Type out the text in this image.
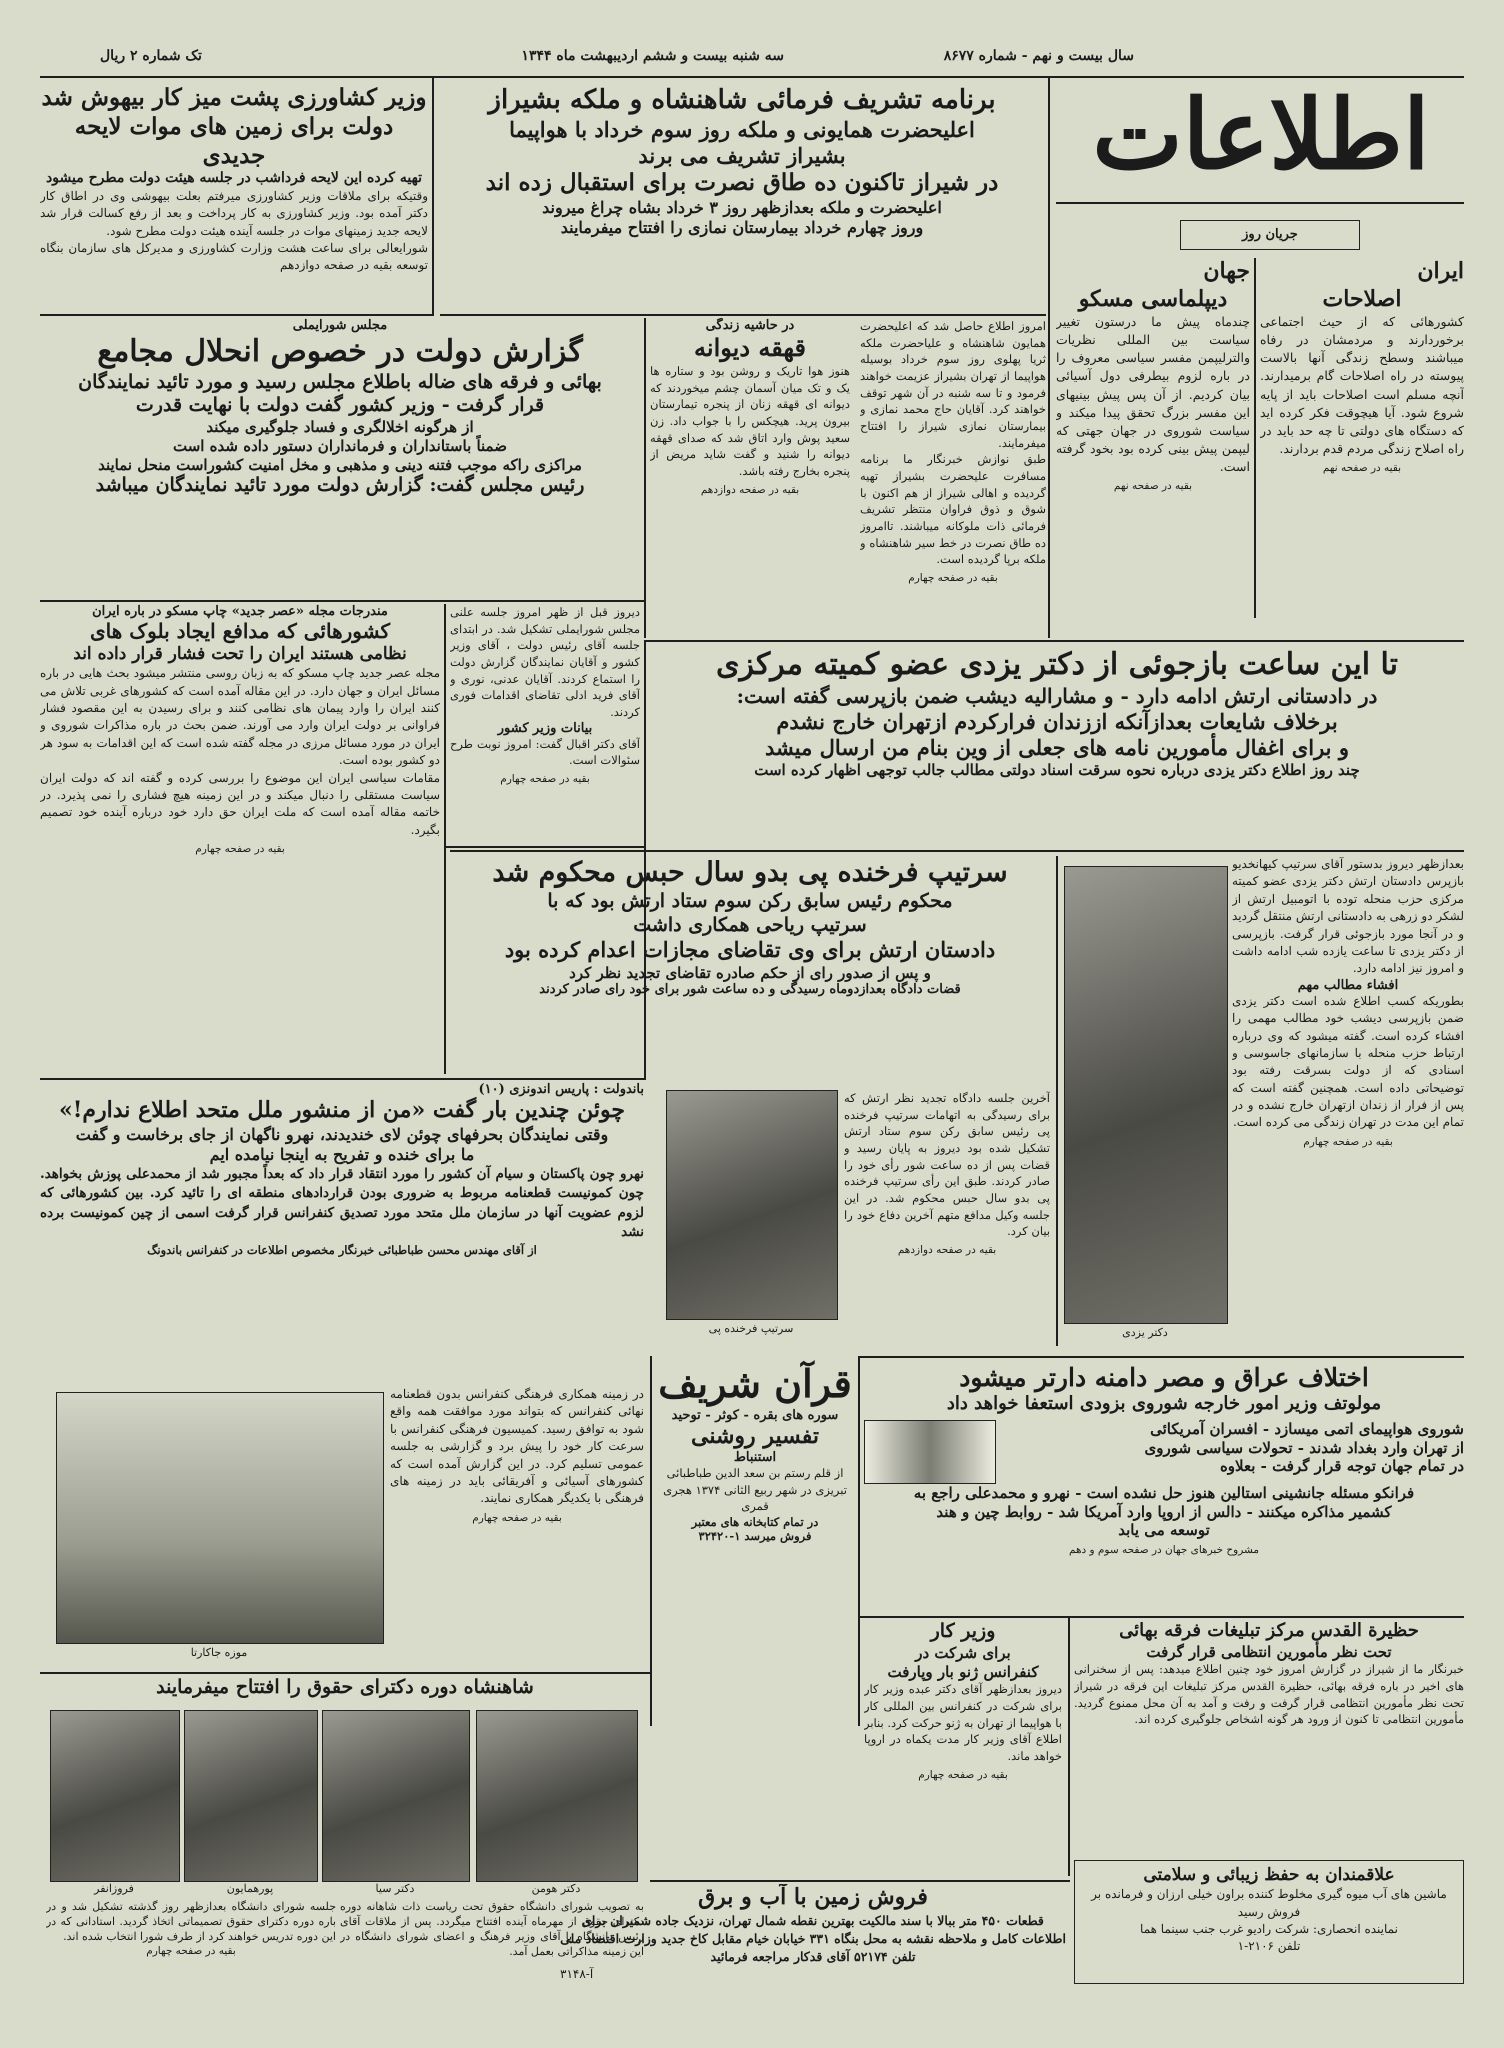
سال بیست و نهم - شماره ۸۶۷۷
سه شنبه بیست و ششم اردیبهشت ماه ۱۳۴۴
تک شماره ۲ ریال
اطلاعات
جریان روز
ایران
اصلاحات
کشورهائی که از حیث اجتماعی برخوردارند و مردمشان در رفاه میباشند وسطح زندگی آنها بالاست پیوسته در راه اصلاحات گام برمیدارند. آنچه مسلم است اصلاحات باید از پایه شروع شود. آیا هیچوقت فکر کرده اید که دستگاه های دولتی تا چه حد باید در راه اصلاح زندگی مردم قدم بردارند.
بقیه در صفحه نهم
جهان
دیپلماسی مسکو
چندماه پیش ما درستون تغییر سیاست بین المللی نظریات والترلیپمن مفسر سیاسی معروف را در باره لزوم بیطرفی دول آسیائی بیان کردیم. از آن پس پیش بینیهای این مفسر بزرگ تحقق پیدا میکند و سیاست شوروی در جهان جهتی که لیپمن پیش بینی کرده بود بخود گرفته است.
بقیه در صفحه نهم
برنامه تشریف فرمائی شاهنشاه و ملکه بشیراز
اعلیحضرت همایونی و ملکه روز سوم خرداد با هواپیما
بشیراز تشریف می برند
در شیراز تاکنون ده طاق نصرت برای استقبال زده اند
اعلیحضرت و ملکه بعدازظهر روز ۳ خرداد بشاه چراغ میروند
وروز چهارم خرداد بیمارستان نمازی را افتتاح میفرمایند
وزیر کشاورزی پشت میز کار بیهوش شد
دولت برای زمین های موات لایحه جدیدی
تهیه کرده این لایحه فرداشب در جلسه هیئت دولت مطرح میشود
وقتیکه برای ملاقات وزیر کشاورزی میرفتم بعلت بیهوشی وی در اطاق کار دکتر آمده بود. وزیر کشاورزی به کار پرداخت و بعد از رفع کسالت قرار شد لایحه جدید زمینهای موات در جلسه آینده هیئت دولت مطرح شود.
شورایعالی برای ساعت هشت وزارت کشاورزی و مدیرکل های سازمان بنگاه توسعه بقیه در صفحه دوازدهم
مجلس شورایملی
گزارش دولت در خصوص انحلال مجامع
بهائی و فرقه های ضاله باطلاع مجلس رسید و مورد تائید نمایندگان
قرار گرفت - وزیر کشور گفت دولت با نهایت قدرت
از هرگونه اخلالگری و فساد جلوگیری میکند
ضمناً باستانداران و فرمانداران دستور داده شده است
مراکزی راکه موجب فتنه دینی و مذهبی و مخل امنیت کشوراست منحل نمایند
رئیس مجلس گفت: گزارش دولت مورد تائید نمایندگان میباشد
امروز اطلاع حاصل شد که اعلیحضرت همایون شاهنشاه و علیاحضرت ملکه ثریا پهلوی روز سوم خرداد بوسیله هواپیما از تهران بشیراز عزیمت خواهند فرمود و تا سه شنبه در آن شهر توقف خواهند کرد. آقایان حاج محمد نمازی و بیمارستان نمازی شیراز را افتتاح میفرمایند.
طبق نوازش خبرنگار ما برنامه مسافرت علیحضرت بشیراز تهیه گردیده و اهالی شیراز از هم اکنون با شوق و ذوق فراوان منتظر تشریف فرمائی ذات ملوکانه میباشند. تاامروز ده طاق نصرت در خط سیر شاهنشاه و ملکه برپا گردیده است.
بقیه در صفحه چهارم
در حاشیه زندگی
قهقه دیوانه
هنوز هوا تاریک و روشن بود و ستاره ها یک و تک میان آسمان چشم میخوردند که دیوانه ای قهقه زنان از پنجره تیمارستان بیرون پرید. هیچکس را با جواب داد. زن سعید پوش وارد اتاق شد که صدای قهقه دیوانه را شنید و گفت شاید مریض از پنجره بخارج رفته باشد.
بقیه در صفحه دوازدهم
مندرجات مجله «عصر جدید» چاپ مسکو در باره ایران
کشورهائی که مدافع ایجاد بلوک های
نظامی هستند ایران را تحت فشار قرار داده اند
مجله عصر جدید چاپ مسکو که به زبان روسی منتشر میشود بحث هایی در باره مسائل ایران و جهان دارد. در این مقاله آمده است که کشورهای غربی تلاش می کنند ایران را وارد پیمان های نظامی کنند و برای رسیدن به این مقصود فشار فراوانی بر دولت ایران وارد می آورند. ضمن بحث در باره مذاکرات شوروی و ایران در مورد مسائل مرزی در مجله گفته شده است که این اقدامات به سود هر دو کشور بوده است.
مقامات سیاسی ایران این موضوع را بررسی کرده و گفته اند که دولت ایران سیاست مستقلی را دنبال میکند و در این زمینه هیچ فشاری را نمی پذیرد. در خاتمه مقاله آمده است که ملت ایران حق دارد خود درباره آینده خود تصمیم بگیرد.
بقیه در صفحه چهارم
دیروز قبل از ظهر امروز جلسه علنی مجلس شورایملی تشکیل شد. در ابتدای جلسه آقای رئیس دولت ، آقای وزیر کشور و آقایان نمایندگان گزارش دولت را استماع کردند. آقایان عدنی، نوری و آقای فرید ادلی تقاضای اقدامات فوری کردند.
بیانات وزیر کشور
آقای دکتر اقبال گفت: امروز نوبت طرح سئوالات است.
بقیه در صفحه چهارم
تا این ساعت بازجوئی از دکتر یزدی عضو کمیته مرکزی
در دادستانی ارتش ادامه دارد - و مشارالیه دیشب ضمن بازپرسی گفته است:
برخلاف شایعات بعدازآنکه اززندان فرارکردم ازتهران خارج نشدم
و برای اغفال مأمورین نامه های جعلی از وین بنام من ارسال میشد
چند روز اطلاع دکتر یزدی درباره نحوه سرقت اسناد دولتی مطالب جالب توجهی اظهار کرده است
بعدازظهر دیروز بدستور آقای سرتیپ کیهانخدیو بازپرس دادستان ارتش دکتر یزدی عضو کمیته مرکزی حزب منحله توده با اتومبیل ارتش از لشکر دو زرهی به دادستانی ارتش منتقل گردید و در آنجا مورد بازجوئی قرار گرفت. بازپرسی از دکتر یزدی تا ساعت یازده شب ادامه داشت و امروز نیز ادامه دارد.
افشاء مطالب مهم
بطوریکه کسب اطلاع شده است دکتر یزدی ضمن بازپرسی دیشب خود مطالب مهمی را افشاء کرده است. گفته میشود که وی درباره ارتباط حزب منحله با سازمانهای جاسوسی و اسنادی که از دولت بسرقت رفته بود توضیحاتی داده است. همچنین گفته است که پس از فرار از زندان ازتهران خارج نشده و در تمام این مدت در تهران زندگی می کرده است.
بقیه در صفحه چهارم
دکتر یزدی
سرتیپ فرخنده پی بدو سال حبس محکوم شد
محکوم رئیس سابق رکن سوم ستاد ارتش بود که با
سرتیپ ریاحی همکاری داشت
دادستان ارتش برای وی تقاضای مجازات اعدام کرده بود
و پس از صدور رای از حکم صادره تقاضای تجدید نظر کرد
قضات دادگاه بعدازدوماه رسیدگی و ده ساعت شور برای خود رای صادر کردند
آخرین جلسه دادگاه تجدید نظر ارتش که برای رسیدگی به اتهامات سرتیپ فرخنده پی رئیس سابق رکن سوم ستاد ارتش تشکیل شده بود دیروز به پایان رسید و قضات پس از ده ساعت شور رأی خود را صادر کردند. طبق این رأی سرتیپ فرخنده پی بدو سال حبس محکوم شد. در این جلسه وکیل مدافع متهم آخرین دفاع خود را بیان کرد.
بقیه در صفحه دوازدهم
سرتیپ فرخنده پی
باندولت : پاریس اندونزی (۱۰)
چوئن چندین بار گفت «من از منشور ملل متحد اطلاع ندارم!»
وقتی نمایندگان بحرفهای چوئن لای خندیدند، نهرو ناگهان از جای برخاست و گفت
ما برای خنده و تفریح به اینجا نیامده ایم
نهرو چون پاکستان و سیام آن کشور را مورد انتقاد قرار داد که بعداً مجبور شد از محمدعلی پوزش بخواهد. چون کمونیست قطعنامه مربوط به ضروری بودن قراردادهای منطقه ای را تائید کرد. بین کشورهائی که لزوم عضویت آنها در سازمان ملل متحد مورد تصدیق کنفرانس قرار گرفت اسمی از چین کمونیست برده نشد
از آقای مهندس محسن طباطبائی خبرنگار مخصوص اطلاعات در کنفرانس باندونگ
در زمینه همکاری فرهنگی کنفرانس بدون قطعنامه نهائی کنفرانس که بتواند مورد موافقت همه واقع شود به توافق رسید. کمیسیون فرهنگی کنفرانس با سرعت کار خود را پیش برد و گزارشی به جلسه عمومی تسلیم کرد. در این گزارش آمده است که کشورهای آسیائی و آفریقائی باید در زمینه های فرهنگی با یکدیگر همکاری نمایند.
بقیه در صفحه چهارم
موزه جاکارتا
قرآن شریف
سوره های بقره - کوثر - توحید
تفسیر روشنی
استنباط
از قلم رستم بن سعد الدین طباطبائی تبریزی در شهر ربیع الثانی ۱۳۷۴ هجری قمری
در تمام کتابخانه های معتبر
فروش میرسد ۱-۳۲۴۲۰
اختلاف عراق و مصر دامنه دارتر میشود
مولوتف وزیر امور خارجه شوروی بزودی استعفا خواهد داد
شوروی هواپیمای اتمی میسازد - افسران آمریکائی
از تهران وارد بغداد شدند - تحولات سیاسی شوروی
در تمام جهان توجه قرار گرفت - بعلاوه
فرانکو مسئله جانشینی استالین هنوز حل نشده است - نهرو و محمدعلی راجع به
کشمیر مذاکره میکنند - دالس از اروپا وارد آمریکا شد - روابط چین و هند
توسعه می یابد
مشروح خبرهای جهان در صفحه سوم و دهم
وزیر کار
برای شرکت در
کنفرانس ژنو بار وپارفت
دیروز بعدازظهر آقای دکتر عبده وزیر کار برای شرکت در کنفرانس بین المللی کار با هواپیما از تهران به ژنو حرکت کرد. بنابر اطلاع آقای وزیر کار مدت یکماه در اروپا خواهد ماند.
بقیه در صفحه چهارم
حظیرة القدس مرکز تبلیغات فرقه بهائی
تحت نظر مأمورین انتظامی قرار گرفت
خبرنگار ما از شیراز در گزارش امروز خود چنین اطلاع میدهد: پس از سخنرانی های اخیر در باره فرقه بهائی، حظیرة القدس مرکز تبلیغات این فرقه در شیراز تحت نظر مأمورین انتظامی قرار گرفت و رفت و آمد به آن محل ممنوع گردید. مأمورین انتظامی تا کنون از ورود هر گونه اشخاص جلوگیری کرده اند.
علاقمندان به حفظ زیبائی و سلامتی
ماشین های آب میوه گیری مخلوط کننده براون خیلی ارزان و فرمانده بر فروش رسید
نماینده انحصاری: شرکت رادیو غرب جنب سینما هما
تلفن ۲۱۰۶-۱
شاهنشاه دوره دکترای حقوق را افتتاح میفرمایند
دکتر هومن
دکتر سیا
پورهمایون
فروزانفر
به تصویب شورای دانشگاه حقوق تحت ریاست ذات شاهانه دوره دکترای حقوق از مهرماه آینده افتتاح میگردد. پس از ملاقات آقای رئیس دانشگاه با آقای وزیر فرهنگ و اعضای شورای دانشگاه در این زمینه مذاکراتی بعمل آمد.
جلسه شورای دانشگاه بعدازظهر روز گذشته تشکیل شد و در باره دوره دکترای حقوق تصمیماتی اتخاذ گردید. استادانی که در این دوره تدریس خواهند کرد از طرف شورا انتخاب شده اند.
بقیه در صفحه چهارم
فروش زمین با آب و برق
قطعات ۴۵۰ متر ببالا با سند مالکیت بهترین نقطه شمال تهران، نزدیک جاده شمیران برای اطلاعات کامل و ملاحظه نقشه به محل بنگاه ۳۳۱ خیابان خیام مقابل کاخ جدید وزارت اقتصاد ملی تلفن ۵۲۱۷۴ آقای قدکار مراجعه فرمائید
آ-۳۱۴۸
